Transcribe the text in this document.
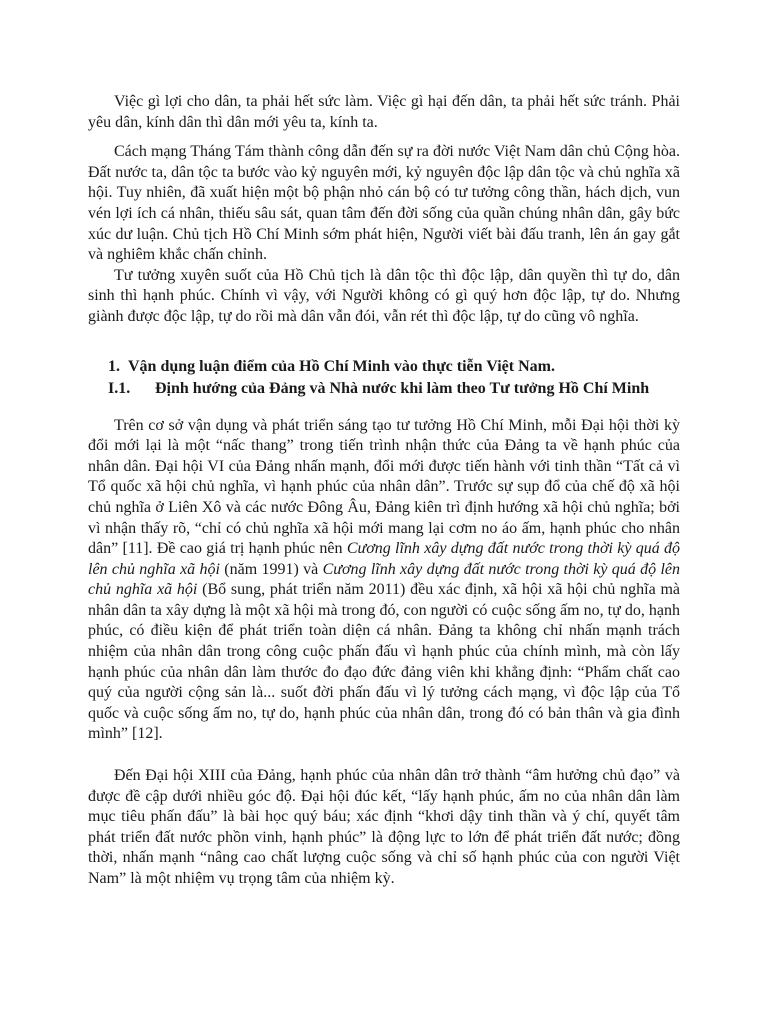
Việc gì lợi cho dân, ta phải hết sức làm. Việc gì hại đến dân, ta phải hết sức tránh. Phải yêu dân, kính dân thì dân mới yêu ta, kính ta.

Cách mạng Tháng Tám thành công dẫn đến sự ra đời nước Việt Nam dân chủ Cộng hòa. Đất nước ta, dân tộc ta bước vào kỷ nguyên mới, kỷ nguyên độc lập dân tộc và chủ nghĩa xã hội. Tuy nhiên, đã xuất hiện một bộ phận nhỏ cán bộ có tư tưởng công thần, hách dịch, vun vén lợi ích cá nhân, thiếu sâu sát, quan tâm đến đời sống của quần chúng nhân dân, gây bức xúc dư luận. Chủ tịch Hồ Chí Minh sớm phát hiện, Người viết bài đấu tranh, lên án gay gắt và nghiêm khắc chấn chỉnh.

Tư tưởng xuyên suốt của Hồ Chủ tịch là dân tộc thì độc lập, dân quyền thì tự do, dân sinh thì hạnh phúc. Chính vì vậy, với Người không có gì quý hơn độc lập, tự do. Nhưng giành được độc lập, tự do rồi mà dân vẫn đói, vẫn rét thì độc lập, tự do cũng vô nghĩa.

1. Vận dụng luận điểm của Hồ Chí Minh vào thực tiễn Việt Nam.
I.1.	Định hướng của Đảng và Nhà nước khi làm theo Tư tưởng Hồ Chí Minh

Trên cơ sở vận dụng và phát triển sáng tạo tư tưởng Hồ Chí Minh, mỗi Đại hội thời kỳ đổi mới lại là một “nấc thang” trong tiến trình nhận thức của Đảng ta về hạnh phúc của nhân dân. Đại hội VI của Đảng nhấn mạnh, đổi mới được tiến hành với tinh thần “Tất cả vì Tổ quốc xã hội chủ nghĩa, vì hạnh phúc của nhân dân”. Trước sự sụp đổ của chế độ xã hội chủ nghĩa ở Liên Xô và các nước Đông Âu, Đảng kiên trì định hướng xã hội chủ nghĩa; bởi vì nhận thấy rõ, “chỉ có chủ nghĩa xã hội mới mang lại cơm no áo ấm, hạnh phúc cho nhân dân” [11]. Đề cao giá trị hạnh phúc nên Cương lĩnh xây dựng đất nước trong thời kỳ quá độ lên chủ nghĩa xã hội (năm 1991) và Cương lĩnh xây dựng đất nước trong thời kỳ quá độ lên chủ nghĩa xã hội (Bổ sung, phát triển năm 2011) đều xác định, xã hội xã hội chủ nghĩa mà nhân dân ta xây dựng là một xã hội mà trong đó, con người có cuộc sống ấm no, tự do, hạnh phúc, có điều kiện để phát triển toàn diện cá nhân. Đảng ta không chỉ nhấn mạnh trách nhiệm của nhân dân trong công cuộc phấn đấu vì hạnh phúc của chính mình, mà còn lấy hạnh phúc của nhân dân làm thước đo đạo đức đảng viên khi khẳng định: “Phẩm chất cao quý của người cộng sản là... suốt đời phấn đấu vì lý tưởng cách mạng, vì độc lập của Tổ quốc và cuộc sống ấm no, tự do, hạnh phúc của nhân dân, trong đó có bản thân và gia đình mình” [12].

Đến Đại hội XIII của Đảng, hạnh phúc của nhân dân trở thành “âm hưởng chủ đạo” và được đề cập dưới nhiều góc độ. Đại hội đúc kết, “lấy hạnh phúc, ấm no của nhân dân làm mục tiêu phấn đấu” là bài học quý báu; xác định “khơi dậy tinh thần và ý chí, quyết tâm phát triển đất nước phồn vinh, hạnh phúc” là động lực to lớn để phát triển đất nước; đồng thời, nhấn mạnh “nâng cao chất lượng cuộc sống và chỉ số hạnh phúc của con người Việt Nam” là một nhiệm vụ trọng tâm của nhiệm kỳ.
